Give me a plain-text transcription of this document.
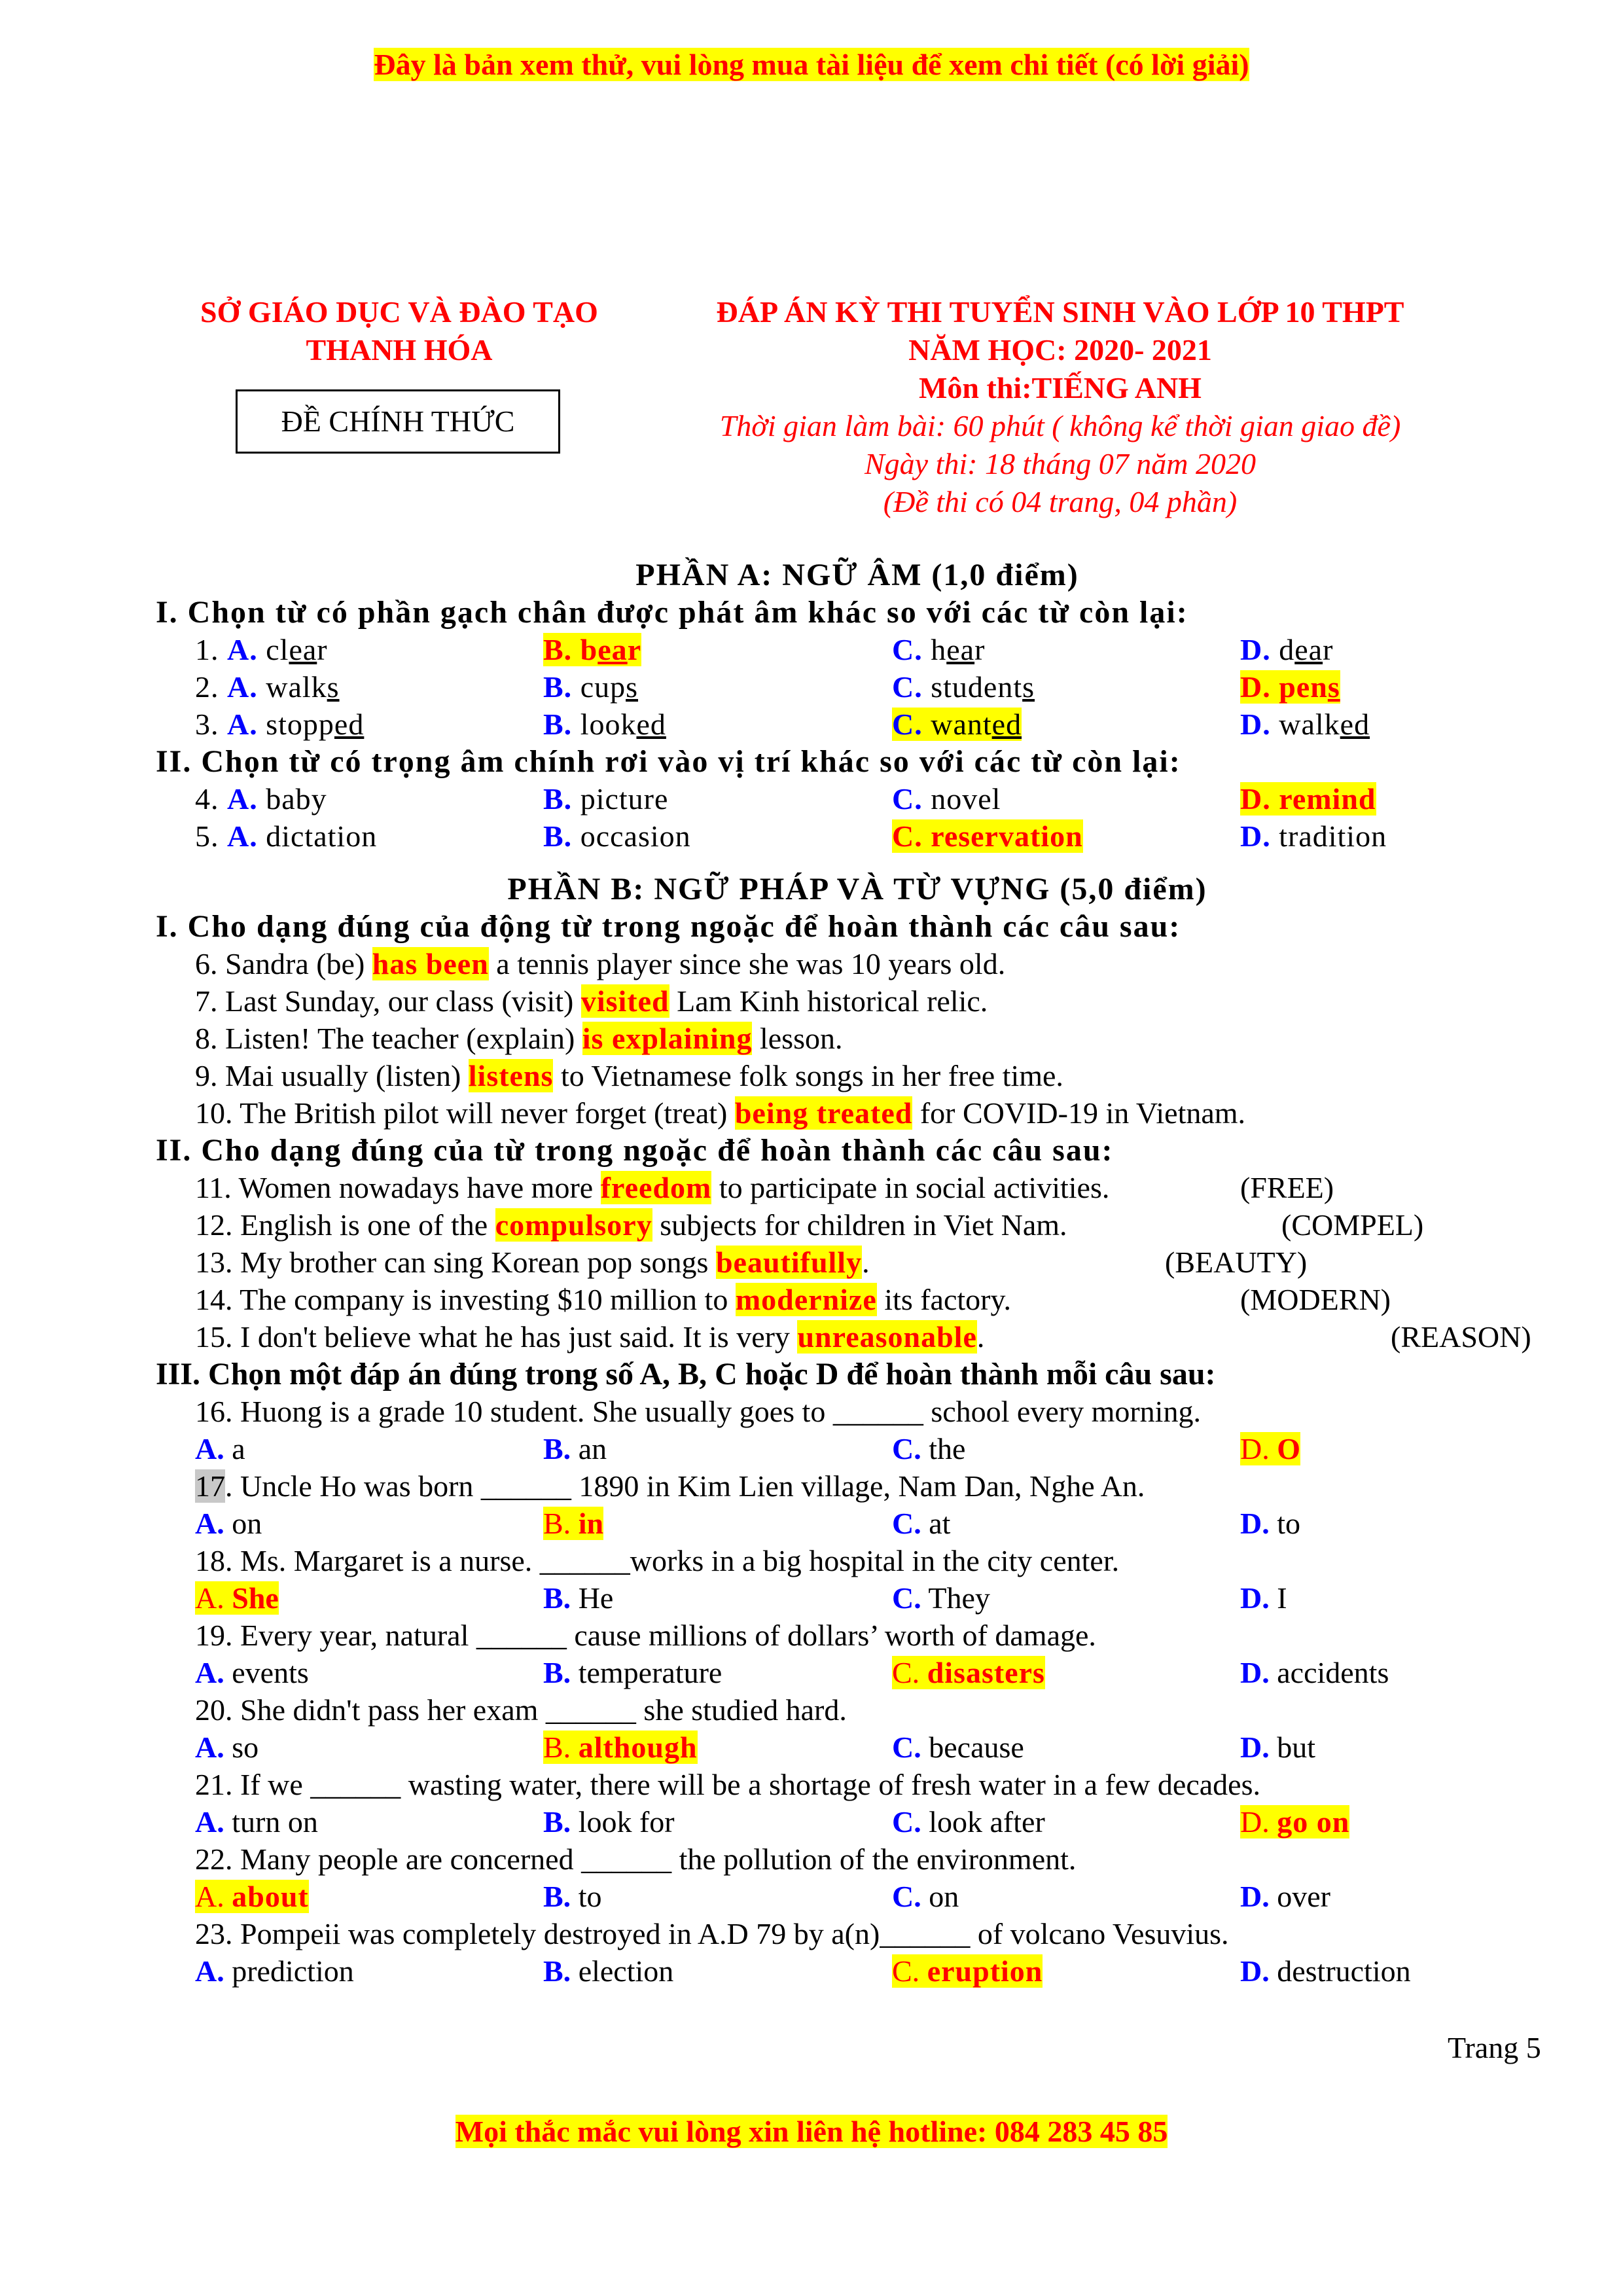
Đây là bản xem thử, vui lòng mua tài liệu để xem chi tiết (có lời giải)
SỞ GIÁO DỤC VÀ ĐÀO TẠO
THANH HÓA
ĐỀ CHÍNH THỨC
ĐÁP ÁN KỲ THI TUYỂN SINH VÀO LỚP 10 THPT
NĂM HỌC: 2020- 2021
Môn thi:TIẾNG ANH
Thời gian làm bài: 60 phút ( không kể thời gian giao đề)
Ngày thi: 18 tháng 07 năm 2020
(Đề thi có 04 trang, 04 phần)
PHẦN A: NGỮ ÂM (1,0 điểm)
I. Chọn từ có phần gạch chân được phát âm khác so với các từ còn lại:
1. A. clear	B. bear	C. hear	D. dear
2. A. walks	B. cups	C. students	D. pens
3. A. stopped	B. looked	C. wanted	D. walked
II. Chọn từ có trọng âm chính rơi vào vị trí khác so với các từ còn lại:
4. A. baby	B. picture	C. novel	D. remind
5. A. dictation	B. occasion	C. reservation	D. tradition
PHẦN B: NGỮ PHÁP VÀ TỪ VỰNG (5,0 điểm)
I. Cho dạng đúng của động từ trong ngoặc để hoàn thành các câu sau:
6. Sandra (be) has been a tennis player since she was 10 years old.
7. Last Sunday, our class (visit) visited Lam Kinh historical relic.
8. Listen! The teacher (explain) is explaining lesson.
9. Mai usually (listen) listens to Vietnamese folk songs in her free time.
10. The British pilot will never forget (treat) being treated for COVID-19 in Vietnam.
II. Cho dạng đúng của từ trong ngoặc để hoàn thành các câu sau:
11. Women nowadays have more freedom to participate in social activities.	(FREE)
12. English is one of the compulsory subjects for children in Viet Nam.	(COMPEL)
13. My brother can sing Korean pop songs beautifully.	(BEAUTY)
14. The company is investing $10 million to modernize its factory.	(MODERN)
15. I don't believe what he has just said. It is very unreasonable.	(REASON)
III. Chọn một đáp án đúng trong số A, B, C hoặc D để hoàn thành mỗi câu sau:
16. Huong is a grade 10 student. She usually goes to ______ school every morning.
A. a	B. an	C. the	D. O
17. Uncle Ho was born ______ 1890 in Kim Lien village, Nam Dan, Nghe An.
A. on	B. in	C. at	D. to
18. Ms. Margaret is a nurse. ______works in a big hospital in the city center.
A. She	B. He	C. They	D. I
19. Every year, natural ______ cause millions of dollars’ worth of damage.
A. events	B. temperature	C. disasters	D. accidents
20. She didn't pass her exam ______ she studied hard.
A. so	B. although	C. because	D. but
21. If we ______ wasting water, there will be a shortage of fresh water in a few decades.
A. turn on	B. look for	C. look after	D. go on
22. Many people are concerned ______ the pollution of the environment.
A. about	B. to	C. on	D. over
23. Pompeii was completely destroyed in A.D 79 by a(n)______ of volcano Vesuvius.
A. prediction	B. election	C. eruption	D. destruction
Trang 5
Mọi thắc mắc vui lòng xin liên hệ hotline: 084 283 45 85
